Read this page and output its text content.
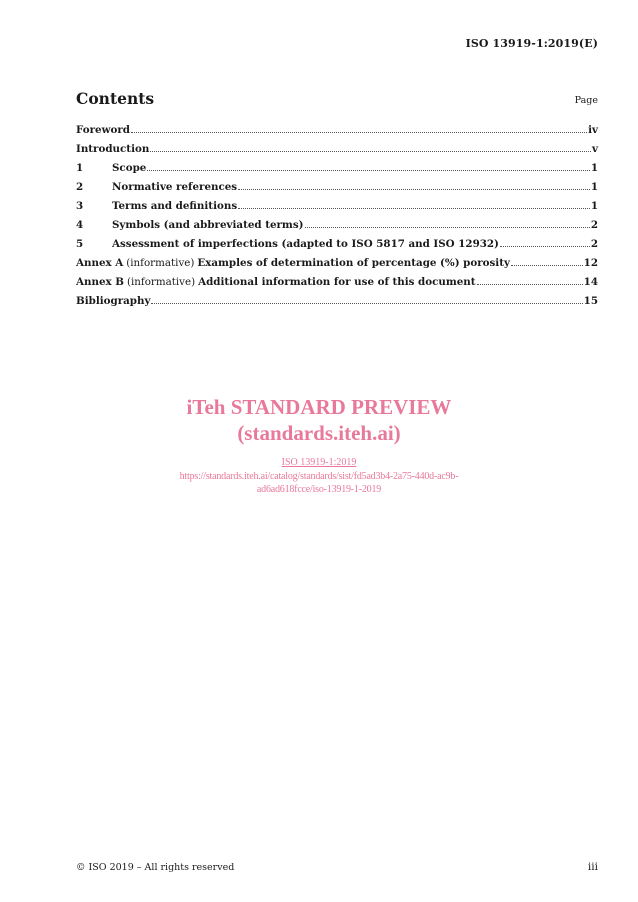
ISO 13919-1:2019(E)
Contents	Page
Foreword	iv
Introduction	v
1	Scope	1
2	Normative references	1
3	Terms and definitions	1
4	Symbols (and abbreviated terms)	2
5	Assessment of imperfections (adapted to ISO 5817 and ISO 12932)	2
Annex A (informative) Examples of determination of percentage (%) porosity	12
Annex B (informative) Additional information for use of this document	14
Bibliography	15
iTeh STANDARD PREVIEW
(standards.iteh.ai)
ISO 13919-1:2019
https://standards.iteh.ai/catalog/standards/sist/fd5ad3b4-2a75-440d-ac9b-
ad6ad618fcce/iso-13919-1-2019
© ISO 2019 – All rights reserved	iii
